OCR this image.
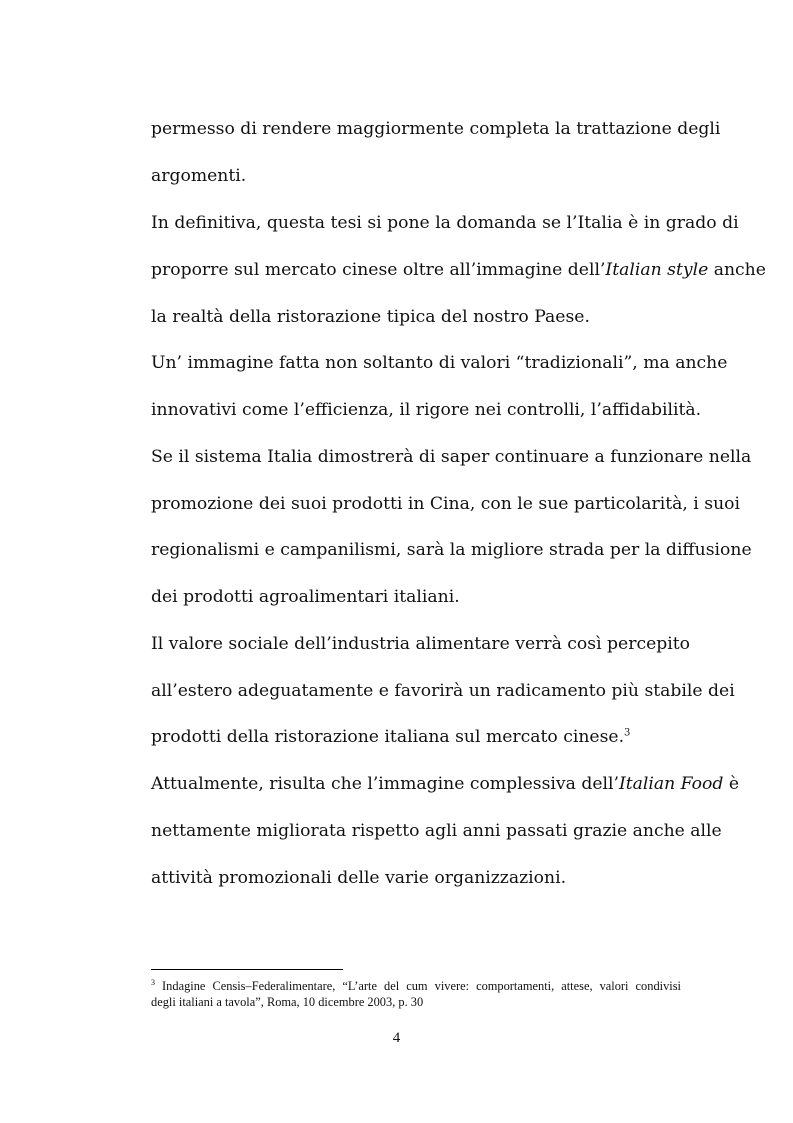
permesso di rendere maggiormente completa la trattazione degli
argomenti.
In definitiva, questa tesi si pone la domanda se l’Italia è in grado di
proporre sul mercato cinese oltre all’immagine dell’Italian style anche
la realtà della ristorazione tipica del nostro Paese.
Un’ immagine fatta non soltanto di valori “tradizionali”, ma anche
innovativi come l’efficienza, il rigore nei controlli, l’affidabilità.
Se il sistema Italia dimostrerà di saper continuare a funzionare nella
promozione dei suoi prodotti in Cina, con le sue particolarità, i suoi
regionalismi e campanilismi, sarà la migliore strada per la diffusione
dei prodotti agroalimentari italiani.
Il valore sociale dell’industria alimentare verrà così percepito
all’estero adeguatamente e favorirà un radicamento più stabile dei
prodotti della ristorazione italiana sul mercato cinese.$^3$
Attualmente, risulta che l’immagine complessiva dell’Italian Food è
nettamente migliorata rispetto agli anni passati grazie anche alle
attività promozionali delle varie organizzazioni.
$^3$ Indagine Censis–Federalimentare, “L’arte del cum vivere: comportamenti, attese, valori condivisi
degli italiani a tavola”, Roma, 10 dicembre 2003, p. 30
4
